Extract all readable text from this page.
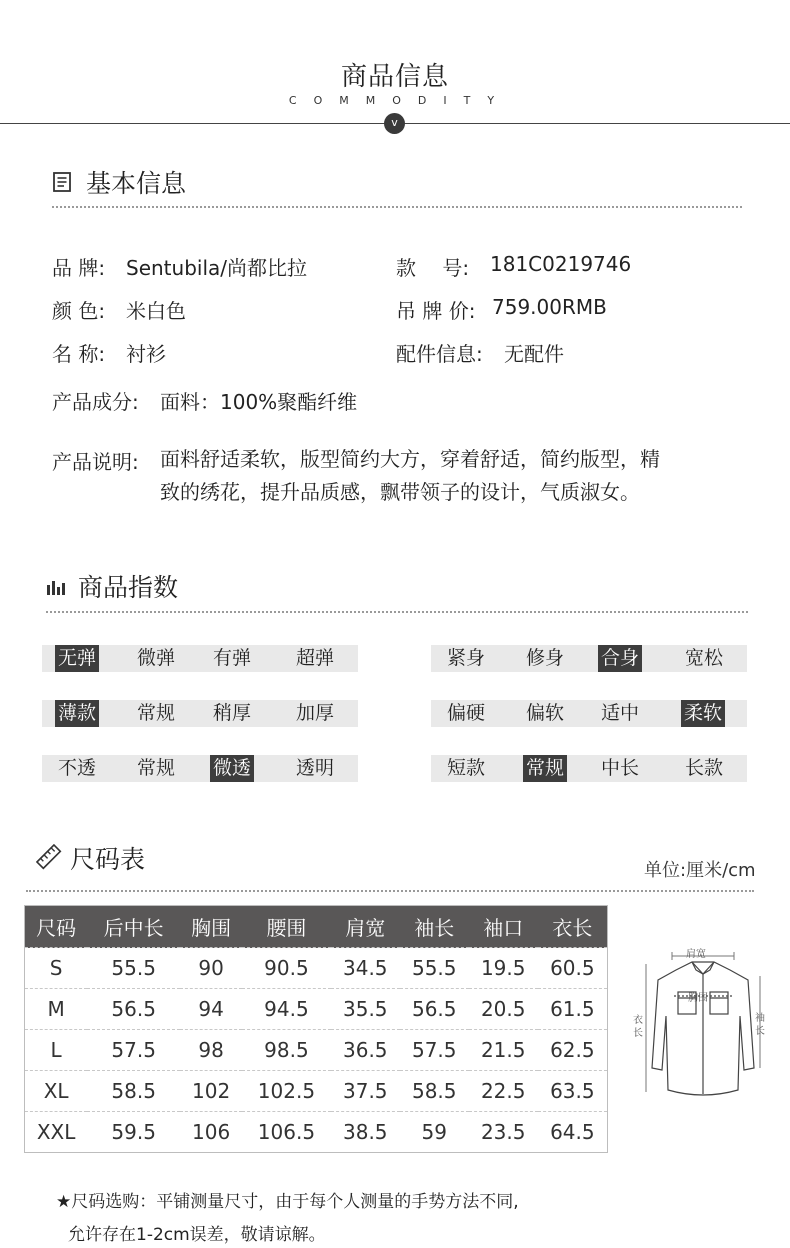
商品信息
COMMODITY
v
基本信息
品 牌: Sentubila/尚都比拉	款　 号: 181C0219746
颜 色: 米白色	吊 牌 价: 759.00RMB
名 称: 衬衫	配件信息: 无配件
产品成分: 面料：100%聚酯纤维
产品说明: 面料舒适柔软，版型简约大方，穿着舒适，简约版型，精
致的绣花，提升品质感，飘带领子的设计，气质淑女。
商品指数
无弹 微弹 有弹 超弹	紧身 修身 合身 宽松
薄款 常规 稍厚 加厚	偏硬 偏软 适中 柔软
不透 常规 微透 透明	短款 常规 中长 长款
尺码表	单位:厘米/cm
尺码	后中长	胸围	腰围	肩宽	袖长	袖口	衣长
S	55.5	90	90.5	34.5	55.5	19.5	60.5
M	56.5	94	94.5	35.5	56.5	20.5	61.5
L	57.5	98	98.5	36.5	57.5	21.5	62.5
XL	58.5	102	102.5	37.5	58.5	22.5	63.5
XXL	59.5	106	106.5	38.5	59	23.5	64.5
肩宽
胸围
衣长
袖长
★尺码选购：平铺测量尺寸，由于每个人测量的手势方法不同,
允许存在1-2cm误差，敬请谅解。
